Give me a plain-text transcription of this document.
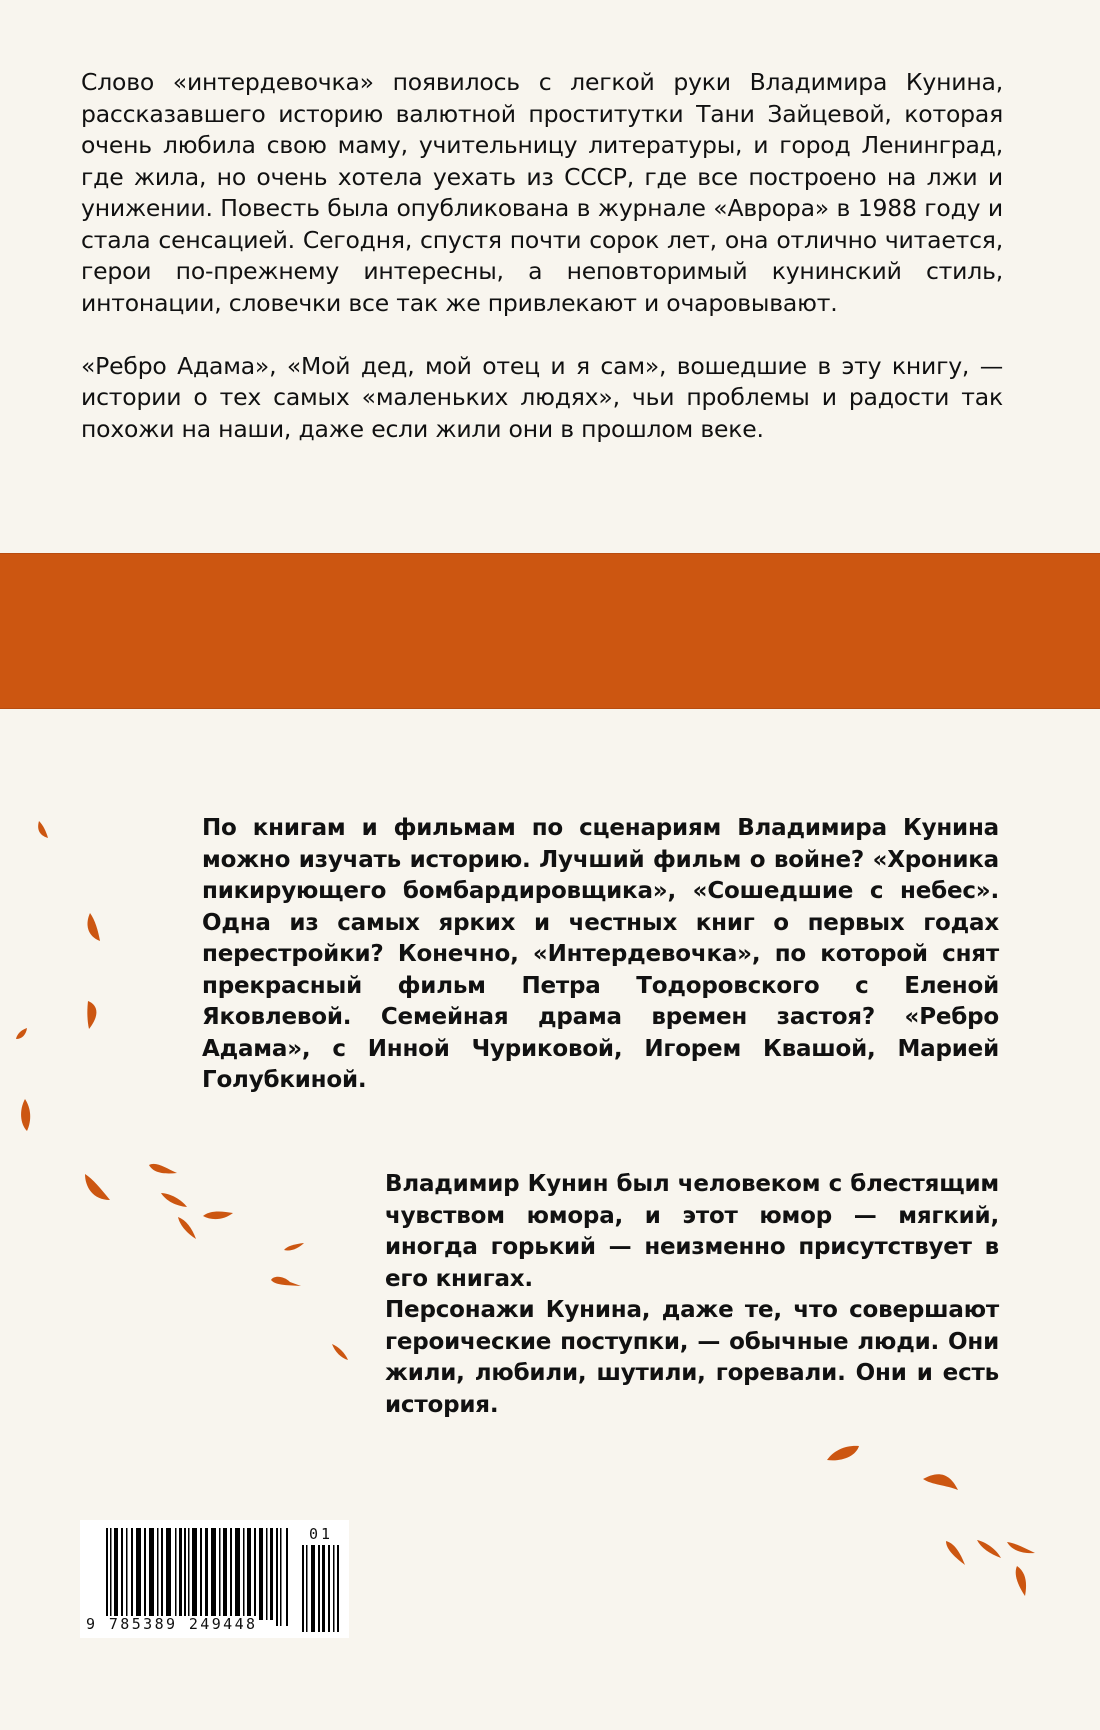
Слово «интердевочка» появилось с легкой руки Владимира Кунина, рассказавшего историю валютной проститутки Тани Зайцевой, которая очень любила свою маму, учительницу литературы, и город Ленинград, где жила, но очень хотела уехать из СССР, где все построено на лжи и унижении. Повесть была опубликована в журнале «Аврора» в 1988 году и стала сенсацией. Сегодня, спустя почти сорок лет, она отлично читается, герои по-прежнему интересны, а неповторимый кунинский стиль, интонации, словечки все так же привлекают и очаровывают.

«Ребро Адама», «Мой дед, мой отец и я сам», вошедшие в эту книгу, — истории о тех самых «маленьких людях», чьи проблемы и радости так похожи на наши, даже если жили они в прошлом веке.

По книгам и фильмам по сценариям Владимира Кунина можно изучать историю. Лучший фильм о войне? «Хроника пикирующего бомбардировщика», «Сошедшие с небес». Одна из самых ярких и честных книг о первых годах перестройки? Конечно, «Интердевочка», по которой снят прекрасный фильм Петра Тодоровского с Еленой Яковлевой. Семейная драма времен застоя? «Ребро Адама», с Инной Чуриковой, Игорем Квашой, Марией Голубкиной.

Владимир Кунин был человеком с блестящим чувством юмора, и этот юмор — мягкий, иногда горький — неизменно присутствует в его книгах.

Персонажи Кунина, даже те, что совершают героические поступки, — обычные люди. Они жили, любили, шутили, горевали. Они и есть история.

9 785389 249448
01
